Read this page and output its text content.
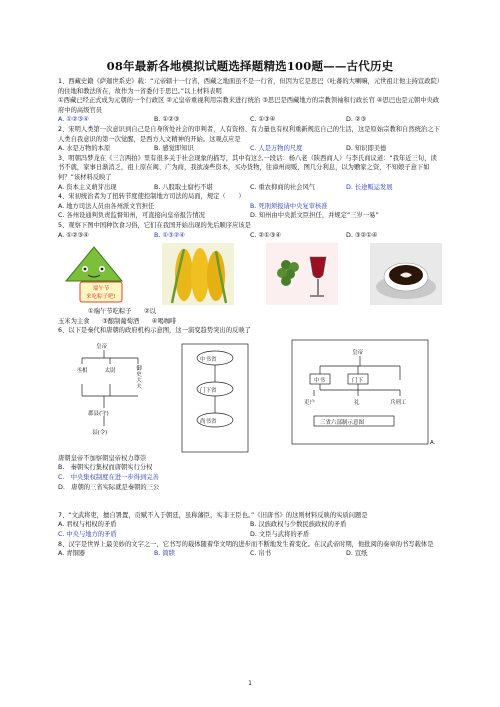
08年最新各地模拟试题选择题精选100题——古代历史

1、西藏史籍《萨迦世系史》载：“元帝辖十一行省，西藏之地面虽不是一行省，但因为它是思巴（吐蕃的大喇嘛，元世祖让他主持宣政院）的住地和教法所在，故作为一省委付于思巴。”以上材料表明

①西藏已经正式成为元朝的一个行政区 ②元皇帝重视利用宗教来进行统治 ③思巴是西藏地方的宗教领袖和行政长官 ④思巴也是元朝中央政府中的高级官员

A. ①②③④	B. ①②③	C. ①③④	D. ②③

2、宋明人类第一次意识到自己是自身所处社会的审判者，人有资格、有力量也有权利重新规范自己的生活，这是原始宗教和自然统治之下人类自我意识的第一次觉醒，是西方人文精神的开始。这观点应是

A. 水是万物的本原	B. 感觉即知识	C. 人是万物的尺度	D. 知识即美德

3、明朝冯梦龙在《三言两拍》里有很多关于社会现象的描写，其中有这么一段话：杨八老（陕西商人）与李氏商议道：“我年近三旬，读书不就，家事日渐消乏，祖上原在闽、广为商，我欲凑些资本，买办货物，往漳州商贩，图几分利息，以为赡家之资，不知娘子意下如何？”该材料反映了

A. 资本主义萌芽出现	B. 八股取士腐朽不堪	C. 重农抑商的社会风气	D. 长途贩运发展

4、宋初统治者为了扭转节度使控制地方司法的局面，规定（　　）

A. 地方司法人员由各州派文官担任	B. 死刑须报请中央复审核准
C. 各州设通判负责监督知州，可直接向皇帝报告情况	D. 知州由中央派文臣担任，并规定“三岁一易”

5、观察下图中国种饮食习俗，它们在我国开始出现的先后顺序应该是

A. ①②③④	B. ①③②④	C. ②①③④	D. ③②①④
端午节
来吃粽子吧!

①端午节吃粽子　　②以

玉米为主食　　③酿制葡萄酒　　④喝咖啡

6、以下是秦代和唐朝的政府机构示意图，这一演变趋势突出的反映了

皇帝
丞相	太尉	御史大夫
郡县(守)
县(令)
中书省
门下省
尚书省
皇帝
中书	门下
吏户	礼	兵刑工
三省六部制示意图
A.

唐朝皇帝不加察朝皇帝权力尊崇

B.　秦朝实行集权而唐朝实行分权

C.　中央集权制度在进一步得到完善

D.　唐朝的三省实际就是秦朝的三公

7、“文武将吏，擅自署置，贡赋不入于朝廷，虽称藩臣，实非王臣也。”《旧唐书》的这则材料反映的实质问题是

A. 君权与相权的矛盾	B. 汉族政权与少数民族政权的矛盾
C. 中央与地方的矛盾	D. 文臣与武将的矛盾

8、汉字是世界上最美妙的文字之一，它书写的载体随着华文明的进步而不断地发生着变化。在汉武帝时期，他批阅的奏章的书写载体是

A. 青铜器	B. 简牍	C. 帛书	D. 宣纸
1
